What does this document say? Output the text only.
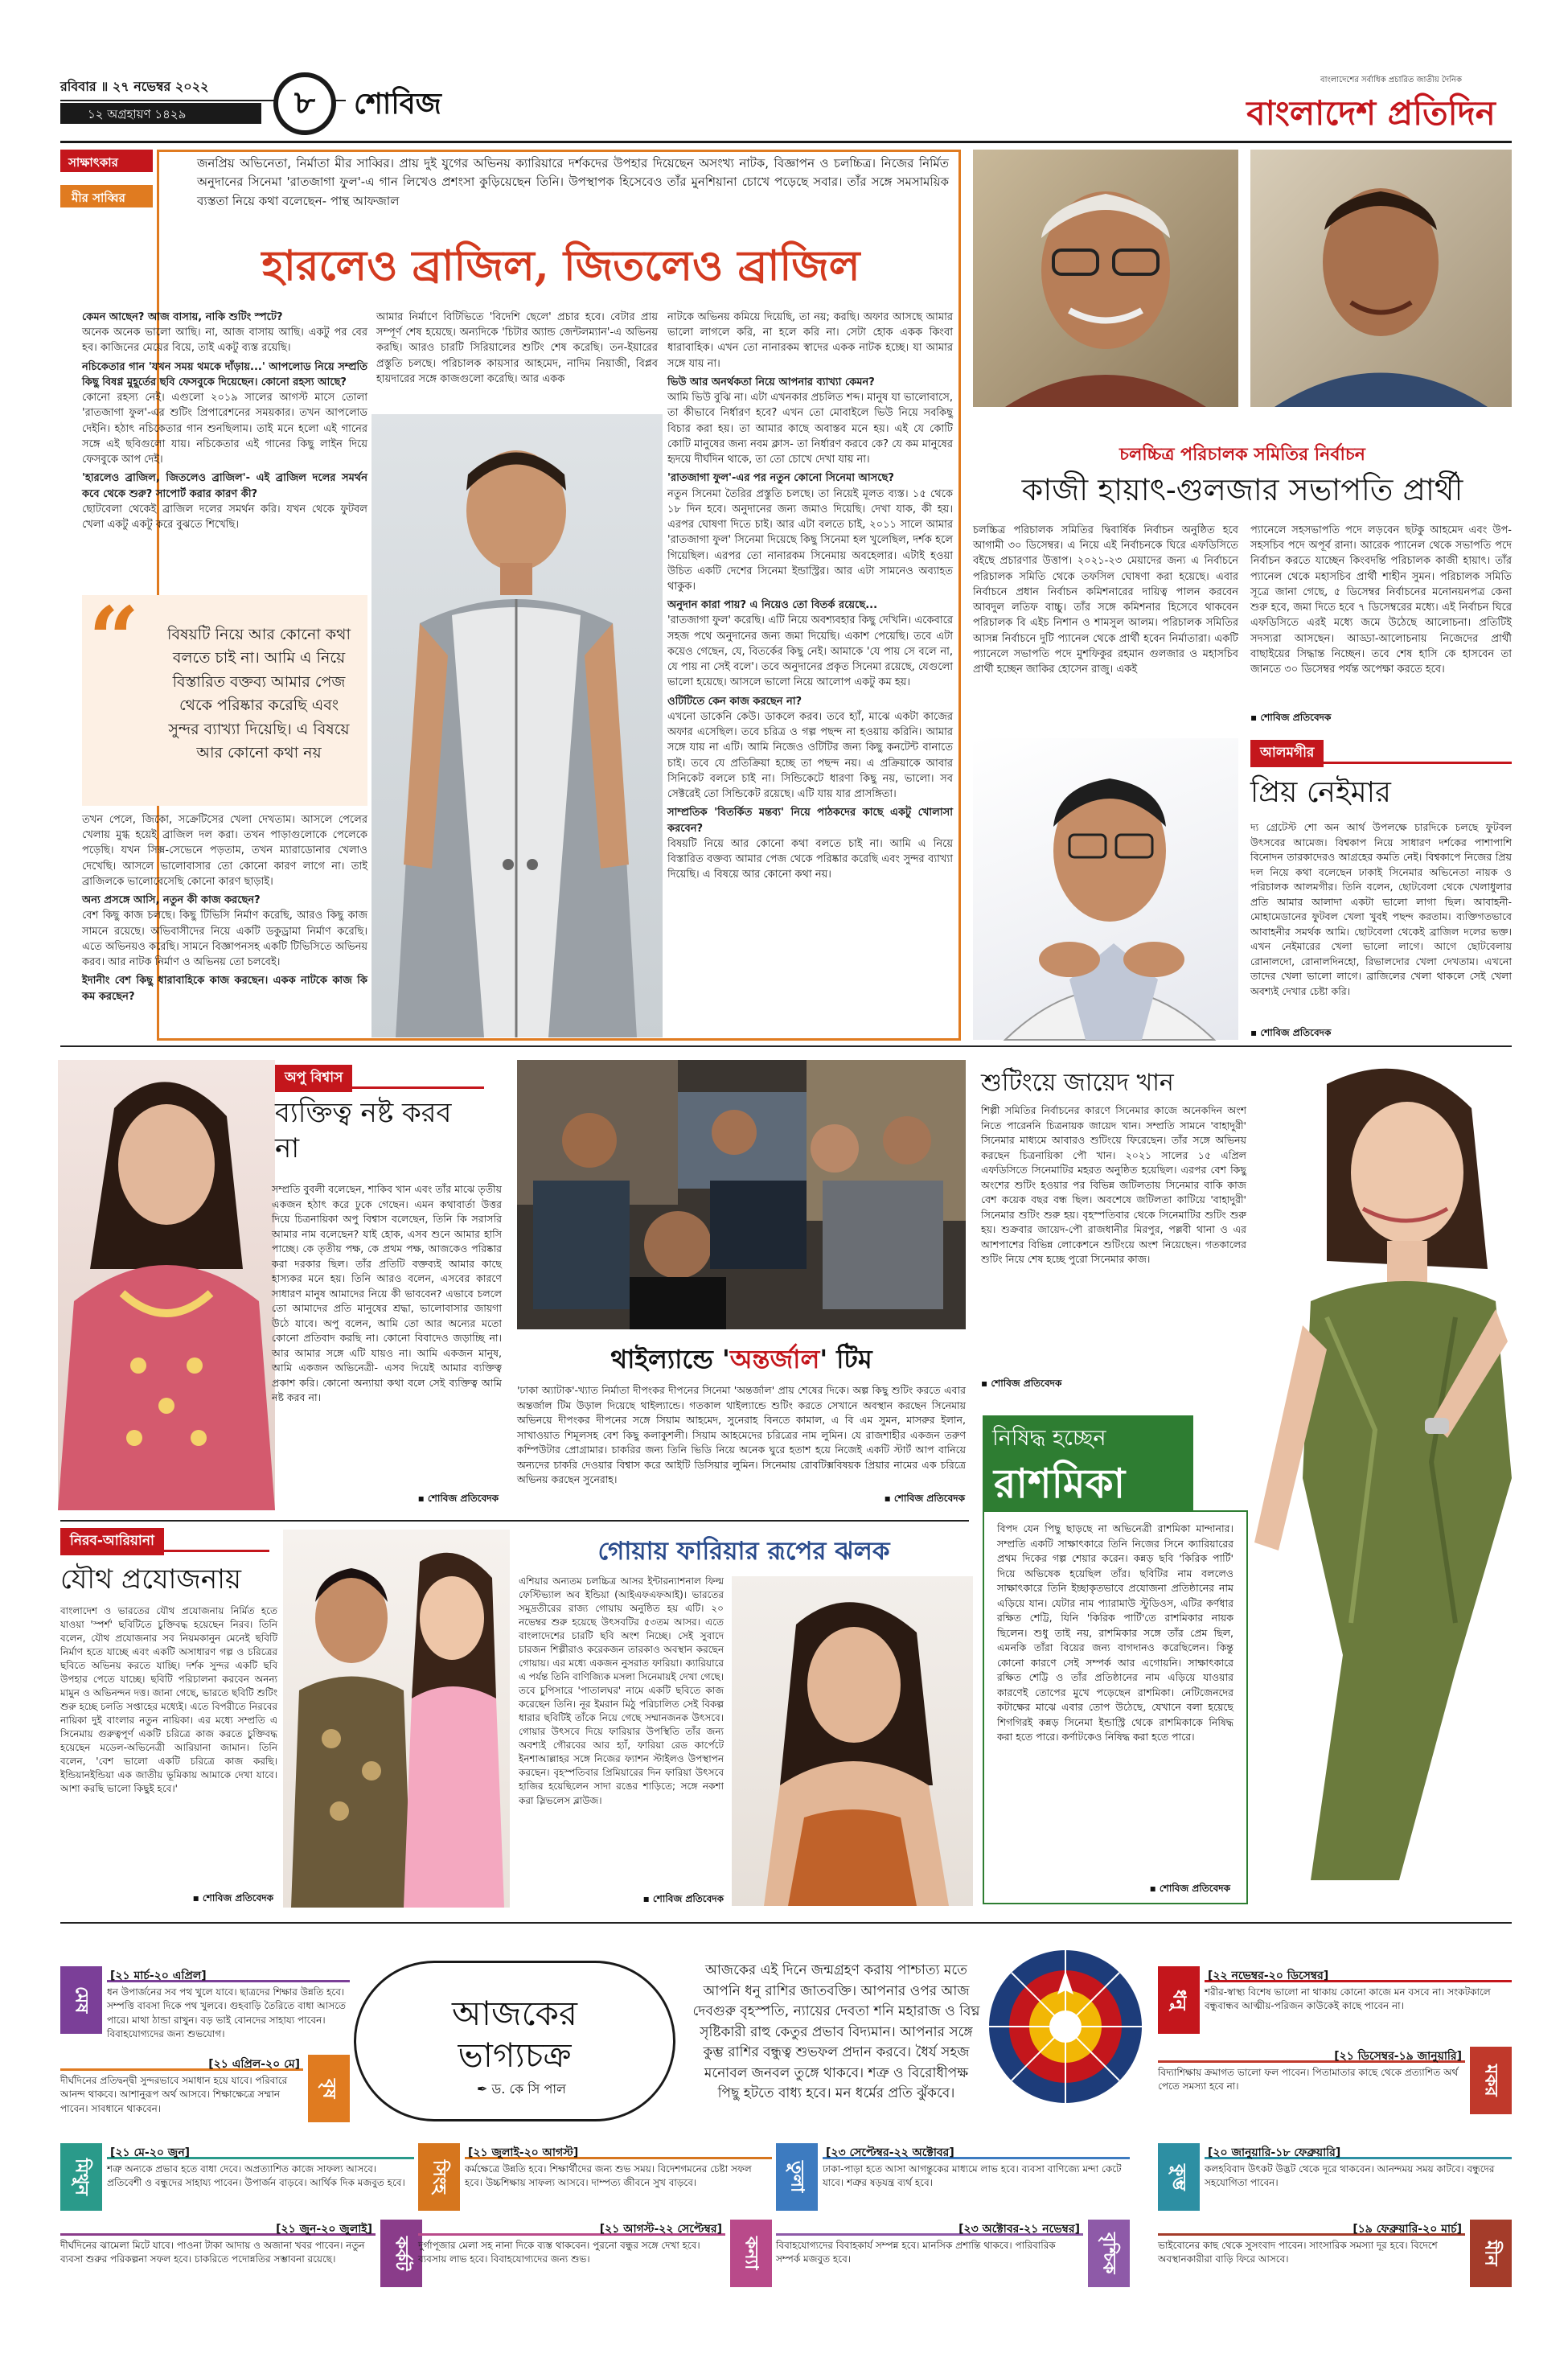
রবিবার ॥ ২৭ নভেম্বর ২০২২
১২ অগ্রহায়ণ ১৪২৯	৮	শোবিজ
বাংলাদেশের সর্বাধিক প্রচারিত জাতীয় দৈনিক
বাংলাদেশ প্রতিদিন
সাক্ষাৎকার
মীর সাব্বির
জনপ্রিয় অভিনেতা, নির্মাতা মীর সাব্বির। প্রায় দুই যুগের অভিনয় ক্যারিয়ারে দর্শকদের উপহার দিয়েছেন অসংখ্য নাটক, বিজ্ঞাপন ও চলচ্চিত্র। নিজের নির্মিত অনুদানের সিনেমা 'রাতজাগা ফুল'-এ গান লিখেও প্রশংসা কুড়িয়েছেন তিনি। উপস্থাপক হিসেবেও তাঁর মুনশিয়ানা চোখে পড়েছে সবার। তাঁর সঙ্গে সমসাময়িক ব্যস্ততা নিয়ে কথা বলেছেন- পান্থ আফজাল
হারলেও ব্রাজিল, জিতলেও ব্রাজিল
কেমন আছেন? আজ বাসায়, নাকি শুটিং স্পটে?
অনেক অনেক ভালো আছি। না, আজ বাসায় আছি। একটু পর বের হব। কাজিনের মেয়ের বিয়ে, তাই একটু ব্যস্ত রয়েছি।
নচিকেতার গান 'যখন সময় থমকে দাঁড়ায়...' আপলোড নিয়ে সম্প্রতি কিছু বিষণ্ণ মুহূর্তের ছবি ফেসবুকে দিয়েছেন। কোনো রহস্য আছে?
কোনো রহস্য নেই। এগুলো ২০১৯ সালের আগস্ট মাসে তোলা 'রাতজাগা ফুল'-এর শুটিং প্রিপারেশনের সময়কার। তখন আপলোড দেইনি। হঠাৎ নচিকেতার গান শুনছিলাম। তাই মনে হলো এই গানের সঙ্গে এই ছবিগুলো যায়। নচিকেতার এই গানের কিছু লাইন দিয়ে ফেসবুকে আপ দেই।
'হারলেও ব্রাজিল, জিতলেও ব্রাজিল'- এই ব্রাজিল দলের সমর্থন কবে থেকে শুরু? সাপোর্ট করার কারণ কী?
ছোটবেলা থেকেই ব্রাজিল দলের সমর্থন করি। যখন থেকে ফুটবল খেলা একটু একটু করে বুঝতে শিখেছি।
“	বিষয়টি নিয়ে আর কোনো কথা বলতে চাই না। আমি এ নিয়ে বিস্তারিত বক্তব্য আমার পেজ থেকে পরিষ্কার করেছি এবং সুন্দর ব্যাখ্যা দিয়েছি। এ বিষয়ে আর কোনো কথা নয়
তখন পেলে, জিকো, সক্রেটিসের খেলা দেখতাম। আসলে পেলের খেলায় মুগ্ধ হয়েই ব্রাজিল দল করা। তখন পাড়াগুলোকে পেলেকে পড়েছি। যখন সিক্স-সেভেনে পড়তাম, তখন ম্যারাডোনার খেলাও দেখেছি। আসলে ভালোবাসার তো কোনো কারণ লাগে না। তাই ব্রাজিলকে ভালোবেসেছি কোনো কারণ ছাড়াই।
অন্য প্রসঙ্গে আসি, নতুন কী কাজ করছেন?
বেশ কিছু কাজ চলছে। কিছু টিভিসি নির্মাণ করেছি, আরও কিছু কাজ সামনে রয়েছে। অভিবাসীদের নিয়ে একটি ডকুড্রামা নির্মাণ করেছি। এতে অভিনয়ও করেছি। সামনে বিজ্ঞাপনসহ একটি টিভিসিতে অভিনয় করব। আর নাটক নির্মাণ ও অভিনয় তো চলবেই।
ইদানীং বেশ কিছু ধারাবাহিকে কাজ করছেন। একক নাটকে কাজ কি কম করছেন?
আমার নির্মাণে বিটিভিতে 'বিদেশি ছেলে' প্রচার হবে। বেটার প্রায় সম্পূর্ণ শেষ হয়েছে। অন্যদিকে 'চিটার অ্যান্ড জেন্টলম্যান'-এ অভিনয় করছি। আরও চারটি সিরিয়ালের শুটিং শেষ করেছি। তন-ইয়ারের প্রস্তুতি চলছে। পরিচালক কায়সার আহমেদ, নাদিম নিয়াজী, বিপ্লব হায়দারের সঙ্গে কাজগুলো করেছি। আর একক
নাটকে অভিনয় কমিয়ে দিয়েছি, তা নয়; করছি। অফার আসছে আমার ভালো লাগলে করি, না হলে করি না। সেটা হোক একক কিংবা ধারাবাহিক। এখন তো নানারকম স্বাদের একক নাটক হচ্ছে। যা আমার সঙ্গে যায় না।
ভিউ আর অনর্থকতা নিয়ে আপনার ব্যাখ্যা কেমন?
আমি ভিউ বুঝি না। এটা এখনকার প্রচলিত শব্দ। মানুষ যা ভালোবাসে, তা কীভাবে নির্ধারণ হবে? এখন তো মোবাইলে ভিউ নিয়ে সবকিছু বিচার করা হয়। তা আমার কাছে অবাস্তব মনে হয়। এই যে কোটি কোটি মানুষের জন্য নবম ক্লাস- তা নির্ধারণ করবে কে? যে কম মানুষের হৃদয়ে দীর্ঘদিন থাকে, তা তো চোখে দেখা যায় না।
'রাতজাগা ফুল'-এর পর নতুন কোনো সিনেমা আসছে?
নতুন সিনেমা তৈরির প্রস্তুতি চলছে। তা নিয়েই মূলত ব্যস্ত। ১৫ থেকে ১৮ দিন হবে। অনুদানের জন্য জমাও দিয়েছি। দেখা যাক, কী হয়। এরপর ঘোষণা দিতে চাই। আর এটা বলতে চাই, ২০১১ সালে আমার 'রাতজাগা ফুল' সিনেমা দিয়েছে কিছু সিনেমা হল খুলেছিল, দর্শক হলে গিয়েছিল। এরপর তো নানারকম সিনেমায় অবহেলার। এটাই হওয়া উচিত একটি দেশের সিনেমা ইন্ডাস্ট্রির। আর এটা সামনেও অব্যাহত থাকুক।
অনুদান কারা পায়? এ নিয়েও তো বিতর্ক রয়েছে...
'রাতজাগা ফুল' করেছি। এটি নিয়ে অবশ্যবহার কিছু দেখিনি। একেবারে সহজ পথে অনুদানের জন্য জমা দিয়েছি। একাশ পেয়েছি। তবে এটা কয়েও গেছেন, যে, বিতর্কের কিছু নেই। আমাকে 'যে পায় সে বলে না, যে পায় না সেই বলে'। তবে অনুদানের প্রকৃত সিনেমা রয়েছে, যেগুলো ভালো হয়েছে। আসলে ভালো নিয়ে আলোপ একটু কম হয়।
ওটিটিতে কেন কাজ করছেন না?
এখনো ডাকেনি কেউ। ডাকলে করব। তবে হ্যাঁ, মাঝে একটা কাজের অফার এসেছিল। তবে চরিত্র ও গল্প পছন্দ না হওয়ায় করিনি। আমার সঙ্গে যায় না এটি। আমি নিজেও ওটিটির জন্য কিছু কনটেন্ট বানাতে চাই। তবে যে প্রতিক্রিয়া হচ্ছে তা পছন্দ নয়। এ প্রক্রিয়াকে আবার সিনিকেট বললে চাই না। সিন্ডিকেটে ধারণা কিছু নয়, ভালো। সব সেক্টরেই তো সিন্ডিকেট রয়েছে। এটি যায় যার প্রাসঙ্গিতা।
সাম্প্রতিক 'বিতর্কিত মন্তব্য' নিয়ে পাঠকদের কাছে একটু খোলাসা করবেন?
বিষয়টি নিয়ে আর কোনো কথা বলতে চাই না। আমি এ নিয়ে বিস্তারিত বক্তব্য আমার পেজ থেকে পরিষ্কার করেছি এবং সুন্দর ব্যাখ্যা দিয়েছি। এ বিষয়ে আর কোনো কথা নয়।
চলচ্চিত্র পরিচালক সমিতির নির্বাচন
কাজী হায়াৎ-গুলজার সভাপতি প্রার্থী
চলচ্চিত্র পরিচালক সমিতির দ্বিবার্ষিক নির্বাচন অনুষ্ঠিত হবে আগামী ৩০ ডিসেম্বর। এ নিয়ে এই নির্বাচনকে ঘিরে এফডিসিতে বইছে প্রচারণার উত্তাপ। ২০২১-২৩ মেয়াদের জন্য এ নির্বাচনে পরিচালক সমিতি থেকে তফসিল ঘোষণা করা হয়েছে। এবার নির্বাচনে প্রধান নির্বাচন কমিশনারের দায়িত্ব পালন করবেন আবদুল লতিফ বাচ্চু। তাঁর সঙ্গে কমিশনার হিসেবে থাকবেন পরিচালক বি এইচ নিশান ও শামসুল আলম। পরিচালক সমিতির আসন্ন নির্বাচনে দুটি প্যানেল থেকে প্রার্থী হবেন নির্মাতারা। একটি প্যানেলে সভাপতি পদে মুশফিকুর রহমান গুলজার ও মহাসচিব প্রার্থী হচ্ছেন জাকির হোসেন রাজু। একই
প্যানেলে সহসভাপতি পদে লড়বেন ছটকু আহমেদ এবং উপ-সহসচিব পদে অপূর্ব রানা। আরেক প্যানেল থেকে সভাপতি পদে নির্বাচন করতে যাচ্ছেন কিংবদন্তি পরিচালক কাজী হায়াৎ। তাঁর প্যানেল থেকে মহাসচিব প্রার্থী শাহীন সুমন। পরিচালক সমিতি সূত্রে জানা গেছে, ৫ ডিসেম্বর নির্বাচনের মনোনয়নপত্র কেনা শুরু হবে, জমা দিতে হবে ৭ ডিসেম্বরের মধ্যে। এই নির্বাচন ঘিরে এফডিসিতে এরই মধ্যে জমে উঠেছে আলোচনা। প্রতিটিই সদস্যরা আসছেন। আড্ডা-আলোচনায় নিজেদের প্রার্থী বাছাইয়ের সিদ্ধান্ত নিচ্ছেন। তবে শেষ হাসি কে হাসবেন তা জানতে ৩০ ডিসেম্বর পর্যন্ত অপেক্ষা করতে হবে।
▪ শোবিজ প্রতিবেদক
আলমগীর
প্রিয় নেইমার
দ্য গ্রেটেস্ট শো অন আর্থ উপলক্ষে চারদিকে চলছে ফুটবল উৎসবের আমেজ। বিশ্বকাপ নিয়ে সাধারণ দর্শকের পাশাপাশি বিনোদন তারকাদেরও আগ্রহের কমতি নেই। বিশ্বকাপে নিজের প্রিয় দল নিয়ে কথা বলেছেন ঢাকাই সিনেমার অভিনেতা নায়ক ও পরিচালক আলমগীর। তিনি বলেন, ছোটবেলা থেকে খেলাধুলার প্রতি আমার আলাদা একটা ভালো লাগা ছিল। আবাহনী-মোহামেডানের ফুটবল খেলা খুবই পছন্দ করতাম। ব্যক্তিগতভাবে আবাহনীর সমর্থক আমি। ছোটবেলা থেকেই ব্রাজিল দলের ভক্ত। এখন নেইমারের খেলা ভালো লাগে। আগে ছোটবেলায় রোনালদো, রোনালদিনহো, রিভালদোর খেলা দেখতাম। এখনো তাদের খেলা ভালো লাগে। ব্রাজিলের খেলা থাকলে সেই খেলা অবশ্যই দেখার চেষ্টা করি।
▪ শোবিজ প্রতিবেদক
অপু বিশ্বাস
ব্যক্তিত্ব নষ্ট করব না
সম্প্রতি বুবলী বলেছেন, শাকিব খান এবং তাঁর মাঝে তৃতীয় একজন হঠাৎ করে ঢুকে গেছেন। এমন কথাবার্তা উত্তর দিয়ে চিত্রনায়িকা অপু বিশ্বাস বলেছেন, তিনি কি সরাসরি আমার নাম বলেছেন? যাই হোক, এসব শুনে আমার হাসি পাচ্ছে। কে তৃতীয় পক্ষ, কে প্রথম পক্ষ, আজকেও পরিষ্কার করা দরকার ছিল। তাঁর প্রতিটি বক্তব্যই আমার কাছে হাস্যকর মনে হয়। তিনি আরও বলেন, এসবের কারণে সাধারণ মানুষ আমাদের নিয়ে কী ভাববেন? এভাবে চললে তো আমাদের প্রতি মানুষের শ্রদ্ধা, ভালোবাসার জায়গা উঠে যাবে। অপু বলেন, আমি তো আর অন্যের মতো কোনো প্রতিবাদ করছি না। কোনো বিবাদেও জড়াচ্ছি না। আর আমার সঙ্গে এটি যায়ও না। আমি একজন মানুষ, আমি একজন অভিনেত্রী- এসব দিয়েই আমার ব্যক্তিত্ব প্রকাশ করি। কোনো অন্যায়া কথা বলে সেই ব্যক্তিত্ব আমি নষ্ট করব না।
▪ শোবিজ প্রতিবেদক
থাইল্যান্ডে 'অন্তর্জাল' টিম
'ঢাকা অ্যাটাক'-খ্যাত নির্মাতা দীপংকর দীপনের সিনেমা 'অন্তর্জাল' প্রায় শেষের দিকে। অল্প কিছু শুটিং করতে এবার অন্তর্জাল টিম উড়াল দিয়েছে থাইল্যান্ডে। গতকাল থাইল্যান্ডে শুটিং করতে সেখানে অবস্থান করছেন সিনেমায় অভিনয়ে দীপংকর দীপনের সঙ্গে সিয়াম আহমেদ, সুনেরাহ বিনতে কামাল, এ বি এম সুমন, মাসরুর ইলান, সাখাওয়াত শিমূলসহ বেশ কিছু কলাকুশলী। সিয়াম আহমেদের চরিত্রের নাম লুমিন। যে রাজশাহীর একজন তরুণ কম্পিউটার প্রোগ্রামার। চাকরির জন্য তিনি ভিডি নিয়ে অনেক ঘুরে হতাশ হয়ে নিজেই একটি স্টার্ট আপ বানিয়ে অন্যদের চাকরি দেওয়ার বিশ্বাস করে আইটি ডিসিয়ার লুমিন। সিনেমায় রোবটিক্সবিষয়ক প্রিয়ার নামের এক চরিত্রে অভিনয় করছেন সুনেরাহ।
▪ শোবিজ প্রতিবেদক
শুটিংয়ে জায়েদ খান
শিল্পী সমিতির নির্বাচনের কারণে সিনেমার কাজে অনেকদিন অংশ নিতে পারেননি চিত্রনায়ক জায়েদ খান। সম্প্রতি সামনে 'বাহাদুরী' সিনেমার মাধ্যমে আবারও শুটিংয়ে ফিরেছেন। তাঁর সঙ্গে অভিনয় করছেন চিত্রনায়িকা পৌ খান। ২০২১ সালের ১৫ এপ্রিল এফডিসিতে সিনেমাটির মহরত অনুষ্ঠিত হয়েছিল। এরপর বেশ কিছু অংশের শুটিং হওয়ার পর বিভিন্ন জটিলতায় সিনেমার বাকি কাজ বেশ কয়েক বছর বন্ধ ছিল। অবশেষে জটিলতা কাটিয়ে 'বাহাদুরী' সিনেমার শুটিং শুরু হয়। বৃহস্পতিবার থেকে সিনেমাটির শুটিং শুরু হয়। শুক্রবার জায়েদ-পৌ রাজধানীর মিরপুর, পল্লবী থানা ও এর আশপাশের বিভিন্ন লোকেশনে শুটিংয়ে অংশ নিয়েছেন। গতকালের শুটিং নিয়ে শেষ হচ্ছে পুরো সিনেমার কাজ।
▪ শোবিজ প্রতিবেদক
নিষিদ্ধ হচ্ছেন
রাশমিকা
বিপদ যেন পিছু ছাড়ছে না অভিনেত্রী রাশমিকা মান্দানার। সম্প্রতি একটি সাক্ষাৎকারে তিনি নিজের সিনে ক্যারিয়ারের প্রথম দিকের গল্প শেয়ার করেন। কন্নড় ছবি 'কিরিক পার্টি' দিয়ে অভিষেক হয়েছিল তাঁর। ছবিটির নাম বললেও সাক্ষাৎকারে তিনি ইচ্ছাকৃতভাবে প্রযোজনা প্রতিষ্ঠানের নাম এড়িয়ে যান। যেটার নাম প্যারামাউ স্টুডিওস, এটির কর্ণধার রক্ষিত শেট্টি, যিনি 'কিরিক পার্টি'তে রাশমিকার নায়ক ছিলেন। শুধু তাই নয়, রাশমিকার সঙ্গে তাঁর প্রেম ছিল, এমনকি তাঁরা বিয়ের জন্য বাগদানও করেছিলেন। কিন্তু কোনো কারণে সেই সম্পর্ক আর এগোয়নি। সাক্ষাৎকারে রক্ষিত শেট্টি ও তাঁর প্রতিষ্ঠানের নাম এড়িয়ে যাওয়ার কারণেই তোপের মুখে পড়েছেন রাশমিকা। নেটিজেনদের কটাক্ষের মাঝে এবার তোপ উঠেছে, যেখানে বলা হয়েছে শিগগিরই কন্নড় সিনেমা ইন্ডাস্ট্রি থেকে রাশমিকাকে নিষিদ্ধ করা হতে পারে। কর্ণাটকেও নিষিদ্ধ করা হতে পারে।
▪ শোবিজ প্রতিবেদক
নিরব-আরিয়ানা
যৌথ প্রযোজনায়
বাংলাদেশ ও ভারতের যৌথ প্রযোজনায় নির্মিত হতে যাওয়া 'স্পর্শ' ছবিটিতে চুক্তিবদ্ধ হয়েছেন নিরব। তিনি বলেন, যৌথ প্রযোজনার সব নিয়মকানুন মেনেই ছবিটি নির্মাণ হতে যাচ্ছে এবং একটি অসাধারণ গল্প ও চরিত্রের ছবিতে অভিনয় করতে যাচ্ছি। দর্শক সুন্দর একটি ছবি উপহার পেতে যাচ্ছে। ছবিটি পরিচালনা করবেন অনন্য মামুন ও অভিনন্দন দত্ত। জানা গেছে, ভারতে ছবিটি শুটিং শুরু হচ্ছে চলতি সপ্তাহের মধ্যেই। এতে বিপরীতে নিরবের নায়িকা দুই বাংলার নতুন নায়িকা। এর মধ্যে সম্প্রতি এ সিনেমায় গুরুত্বপূর্ণ একটি চরিত্রে কাজ করতে চুক্তিবদ্ধ হয়েছেন মডেল-অভিনেত্রী আরিয়ানা জামান। তিনি বলেন, 'বেশ ভালো একটি চরিত্রে কাজ করছি। ইন্ডিয়ানইন্ডিয়া এক জাতীয় ভূমিকায় আমাকে দেখা যাবে। আশা করছি ভালো কিছুই হবে।'
▪ শোবিজ প্রতিবেদক
গোয়ায় ফারিয়ার রূপের ঝলক
এশিয়ার অন্যতম চলচ্চিত্র আসর ইন্টারন্যাশনাল ফিল্ম ফেস্টিভ্যাল অব ইন্ডিয়া (আইএফএফআই)। ভারতের সমুদ্রতীরের রাজ্য গোয়ায় অনুষ্ঠিত হয় এটি। ২০ নভেম্বর শুরু হয়েছে উৎসবটির ৫৩তম আসর। এতে বাংলাদেশের চারটি ছবি অংশ নিচ্ছে। সেই সুবাদে চারজন শিল্পীরাও করেকজন তারকাও অবস্থান করছেন গোয়ায়। এর মধ্যে একজন নুসরাত ফারিয়া। ক্যারিয়ারে এ পর্যন্ত তিনি বাণিজ্যিক মসলা সিনেমায়ই দেখা গেছে। তবে চুপিসারে 'পাতালঘর' নামে একটি ছবিতে কাজ করেছেন তিনি। নূর ইমরান মিঠু পরিচালিত সেই বিকল্প ধারার ছবিটিই তাঁকে নিয়ে গেছে সম্মানজনক উৎসবে। গোয়ার উৎসবে দিয়ে ফারিয়ার উপস্থিতি তাঁর জন্য অবশ্যই গৌরবের আর হ্যাঁ, ফারিয়া রেড কার্পেটে ইনশাআল্লাহর সঙ্গে নিজের ফ্যাশন স্টাইলও উপস্থাপন করছেন। বৃহস্পতিবার প্রিমিয়ারের দিন ফারিয়া উৎসবে হাজির হয়েছিলেন সাদা রঙের শাড়িতে; সঙ্গে নকশা করা স্লিভলেস ব্লাউজ।
▪ শোবিজ প্রতিবেদক
আজকের
ভাগ্যচক্র
✒ ড. কে সি পাল
আজকের এই দিনে জন্মগ্রহণ করায় পাশ্চাত্য মতে আপনি ধনু রাশির জাতবক্তি। আপনার ওপর আজ দেবগুরু বৃহস্পতি, ন্যায়ের দেবতা শনি মহারাজ ও বিঘ্ন সৃষ্টিকারী রাহু কেতুর প্রভাব বিদ্যমান। আপনার সঙ্গে কুম্ভ রাশির বন্ধুত্ব শুভফল প্রদান করবে। ধৈর্য সহজ মনোবল জনবল তুঙ্গে থাকবে। শত্রু ও বিরোধীপক্ষ পিছু হটতে বাধ্য হবে। মন ধর্মের প্রতি ঝুঁকবে।
মেষ
[২১ মার্চ-২০ এপ্রিল]
ধন উপার্জনের সব পথ খুলে যাবে। ছাত্রদের শিক্ষার উন্নতি হবে। সম্পত্তি বাবসা দিকে পথ খুলবে। গুহবাড়ি তৈরিতে বাধা আসতে পারে। মাথা ঠান্ডা রাখুন। বড় ভাই বোনদের সাহায্য পাবেন। বিবাহযোগ্যদের জন্য শুভযোগ।
বৃষ
[২১ এপ্রিল-২০ মে]
দীর্ঘদিনের প্রতিদ্বন্দ্বী সুন্দরভাবে সমাধান হয়ে যাবে। পরিবারে আনন্দ থাকবে। আশানুরূপ অর্থ আসবে। শিক্ষাক্ষেত্রে সম্মান পাবেন। সাবধানে থাকবেন।
মিথুন
[২১ মে-২০ জুন]
শত্রু অন্যকে প্রভাব হতে বাধা দেবে। অপ্রত্যাশিত কাজে সাফল্য আসবে। প্রতিবেশী ও বন্ধুদের সাহায্য পাবেন। উপার্জন বাড়বে। আর্থিক দিক মজবুত হবে।
কর্কট
[২১ জুন-২০ জুলাই]
দীর্ঘদিনের ঝামেলা মিটে যাবে। পাওনা টাকা আদায় ও অজানা খবর পাবেন। নতুন ব্যবসা শুরুর পরিকল্পনা সফল হবে। চাকরিতে পদোন্নতির সম্ভাবনা রয়েছে।
সিংহ
[২১ জুলাই-২০ আগস্ট]
কর্মক্ষেত্রে উন্নতি হবে। শিক্ষার্থীদের জন্য শুভ সময়। বিদেশগমনের চেষ্টা সফল হবে। উচ্চশিক্ষায় সাফল্য আসবে। দাম্পত্য জীবনে সুখ বাড়বে।
কন্যা
[২১ আগস্ট-২২ সেপ্টেম্বর]
দুর্গাপূজার মেলা সহ নানা দিকে ব্যস্ত থাকবেন। পুরনো বন্ধুর সঙ্গে দেখা হবে। ব্যবসায় লাভ হবে। বিবাহযোগ্যদের জন্য শুভ।
তুলা
[২৩ সেপ্টেম্বর-২২ অক্টোবর]
ঢাকা-পাড়া হতে আসা আগন্তুকের মাধ্যমে লাভ হবে। ব্যবসা বাণিজ্যে মন্দা কেটে যাবে। শত্রুর ষড়যন্ত্র ব্যর্থ হবে।
বৃশ্চিক
[২৩ অক্টোবর-২১ নভেম্বর]
বিবাহযোগ্যদের বিবাহকার্য সম্পন্ন হবে। মানসিক প্রশান্তি থাকবে। পারিবারিক সম্পর্ক মজবুত হবে।
ধনু
[২২ নভেম্বর-২০ ডিসেম্বর]
শরীর-স্বাস্থ্য বিশেষ ভালো না থাকায় কোনো কাজে মন বসবে না। সংকটকালে বন্ধুবান্ধব আত্মীয়-পরিজন কাউকেই কাছে পাবেন না।
মকর
[২১ ডিসেম্বর-১৯ জানুয়ারি]
বিদ্যাশিক্ষায় ক্রমাগত ভালো ফল পাবেন। পিতামাতার কাছে থেকে প্রত্যাশিত অর্থ পেতে সমস্যা হবে না।
কুম্ভ
[২০ জানুয়ারি-১৮ ফেব্রুয়ারি]
কলহবিবাদ উৎকট উদ্ভট থেকে দূরে থাকবেন। আনন্দময় সময় কাটবে। বন্ধুদের সহযোগিতা পাবেন।
মীন
[১৯ ফেব্রুয়ারি-২০ মার্চ]
ভাইবোনের কাছ থেকে সুসংবাদ পাবেন। সাংসারিক সমস্যা দূর হবে। বিদেশে অবস্থানকারীরা বাড়ি ফিরে আসবে।
